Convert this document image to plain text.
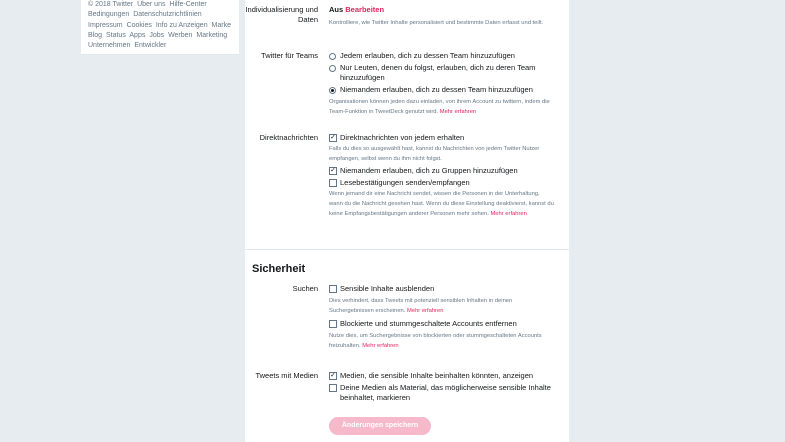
© 2018 Twitter Über uns Hilfe-Center Bedingungen Datenschutzrichtlinien Impressum Cookies Info zu Anzeigen Marke Blog Status Apps Jobs Werben Marketing Unternehmen Entwickler
Individualisierung und Daten
Aus Bearbeiten
Kontrolliere, wie Twitter Inhalte personalisiert und bestimmte Daten erfasst und teilt.
Twitter für Teams	Jedem erlauben, dich zu dessen Team hinzuzufügen
Nur Leuten, denen du folgst, erlauben, dich zu deren Team hinzuzufügen
Niemandem erlauben, dich zu dessen Team hinzuzufügen
Organisationen können jeden dazu einladen, von ihrem Account zu twittern, indem die Team-Funktion in TweetDeck genutzt wird. Mehr erfahren
Direktnachrichten ✓ Direktnachrichten von jedem erhalten
Falls du dies so ausgewählt hast, kannst du Nachrichten von jedem Twitter Nutzer empfangen, selbst wenn du ihm nicht folgst.
✓ Niemandem erlauben, dich zu Gruppen hinzuzufügen
Lesebestätigungen senden/empfangen
Wenn jemand dir eine Nachricht sendet, wissen die Personen in der Unterhaltung, wann du die Nachricht gesehen hast. Wenn du diese Einstellung deaktivierst, kannst du keine Empfangsbestätigungen anderer Personen mehr sehen. Mehr erfahren
Sicherheit
Suchen	Sensible Inhalte ausblenden
Dies verhindert, dass Tweets mit potenziell sensiblen Inhalten in deinen Suchergebnissen erscheinen. Mehr erfahren
Blockierte und stummgeschaltete Accounts entfernen
Nutze dies, um Suchergebnisse von blockierten oder stummgeschalteten Accounts freizuhalten. Mehr erfahren
Tweets mit Medien ✓ Medien, die sensible Inhalte beinhalten könnten, anzeigen
Deine Medien als Material, das möglicherweise sensible Inhalte beinhaltet, markieren
Änderungen speichern
